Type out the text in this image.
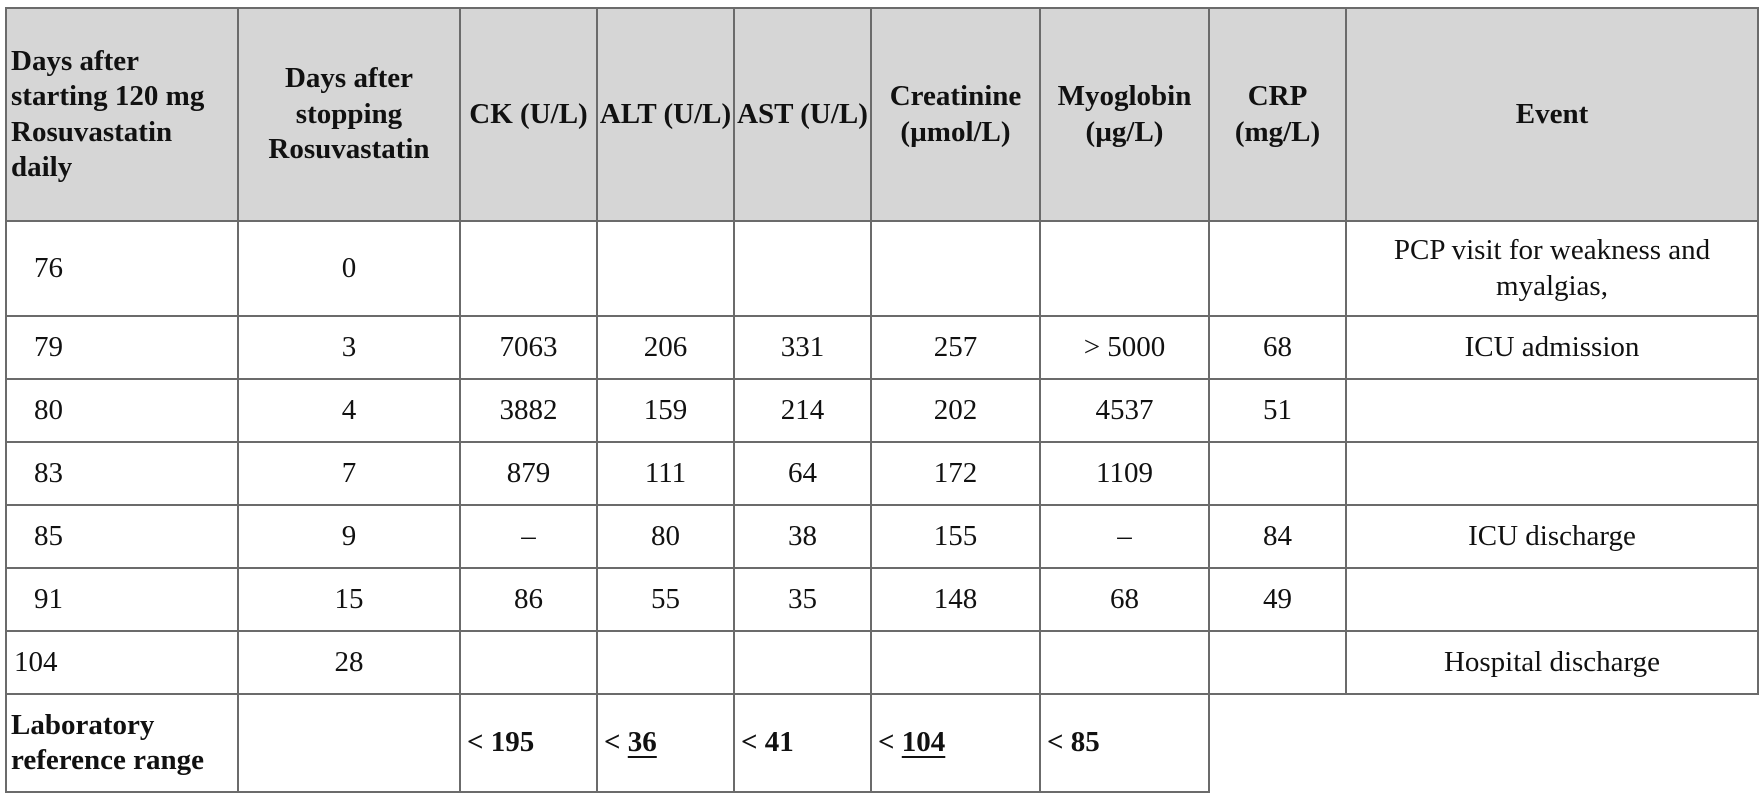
Days after starting 120 mg Rosuvastatin daily	Days after stopping Rosuvastatin	CK (U/L)	ALT (U/L)	AST (U/L)	Creatinine (µmol/L)	Myoglobin (µg/L)	CRP (mg/L)	Event
76	0							PCP visit for weakness and myalgias,
79	3	7063	206	331	257	> 5000	68	ICU admission
80	4	3882	159	214	202	4537	51	
83	7	879	111	64	172	1109		
85	9	–	80	38	155	–	84	ICU discharge
91	15	86	55	35	148	68	49	
104	28							Hospital discharge
Laboratory reference range		< 195	< 36	< 41	< 104	< 85		
